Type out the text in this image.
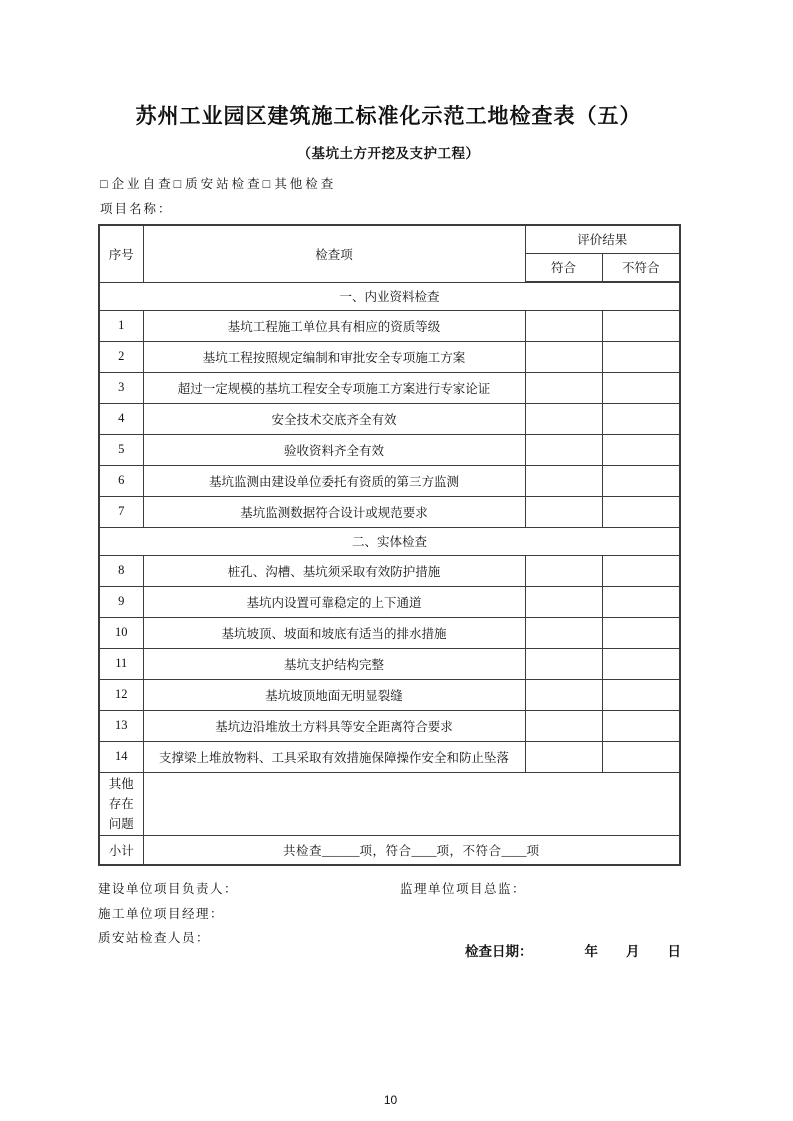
苏州工业园区建筑施工标准化示范工地检查表（五）
（基坑土方开挖及支护工程）
□企业自查□质安站检查□其他检查
项目名称：
序号	检查项	评价结果	
		符合	不符合
一、内业资料检查			
1	基坑工程施工单位具有相应的资质等级		
2	基坑工程按照规定编制和审批安全专项施工方案		
3	超过一定规模的基坑工程安全专项施工方案进行专家论证		
4	安全技术交底齐全有效		
5	验收资料齐全有效		
6	基坑监测由建设单位委托有资质的第三方监测		
7	基坑监测数据符合设计或规范要求		
二、实体检查			
8	桩孔、沟槽、基坑须采取有效防护措施		
9	基坑内设置可靠稳定的上下通道		
10	基坑坡顶、坡面和坡底有适当的排水措施		
11	基坑支护结构完整		
12	基坑坡顶地面无明显裂缝		
13	基坑边沿堆放土方料具等安全距离符合要求		
14	支撑梁上堆放物料、工具采取有效措施保障操作安全和防止坠落		
其他存在问题			
小计	共检查______项，符合____项，不符合____项		
建设单位项目负责人：	监理单位项目总监：
施工单位项目经理：
质安站检查人员：
检查日期：	年 月 日
10
